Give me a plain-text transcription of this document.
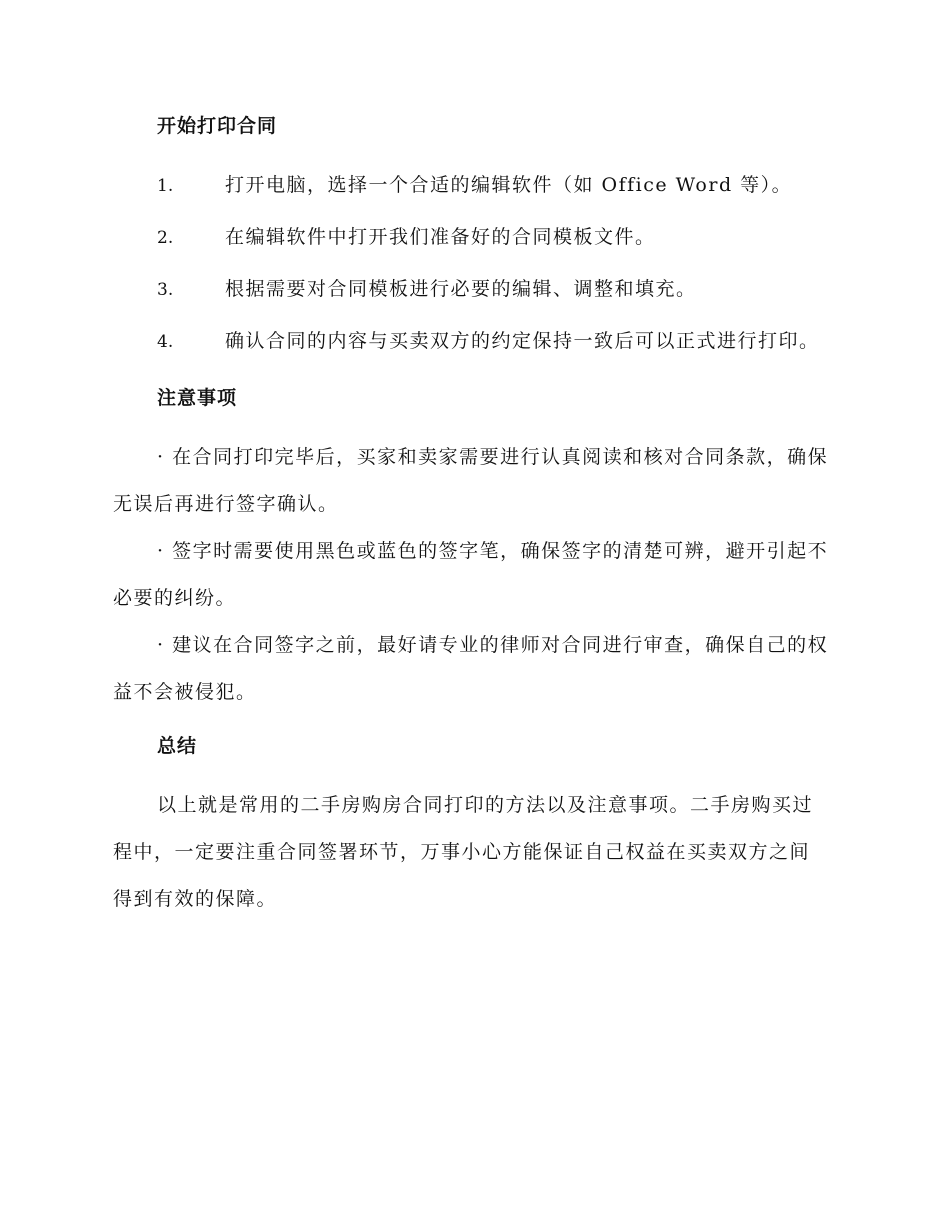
开始打印合同
1.	打开电脑，选择一个合适的编辑软件（如 Office Word 等）。
2.	在编辑软件中打开我们准备好的合同模板文件。
3.	根据需要对合同模板进行必要的编辑、调整和填充。
4.	确认合同的内容与买卖双方的约定保持一致后可以正式进行打印。
注意事项

· 在合同打印完毕后，买家和卖家需要进行认真阅读和核对合同条款，确保无误后再进行签字确认。

· 签字时需要使用黑色或蓝色的签字笔，确保签字的清楚可辨，避开引起不必要的纠纷。

· 建议在合同签字之前，最好请专业的律师对合同进行审查，确保自己的权益不会被侵犯。

总结

以上就是常用的二手房购房合同打印的方法以及注意事项。二手房购买过程中，一定要注重合同签署环节，万事小心方能保证自己权益在买卖双方之间得到有效的保障。
